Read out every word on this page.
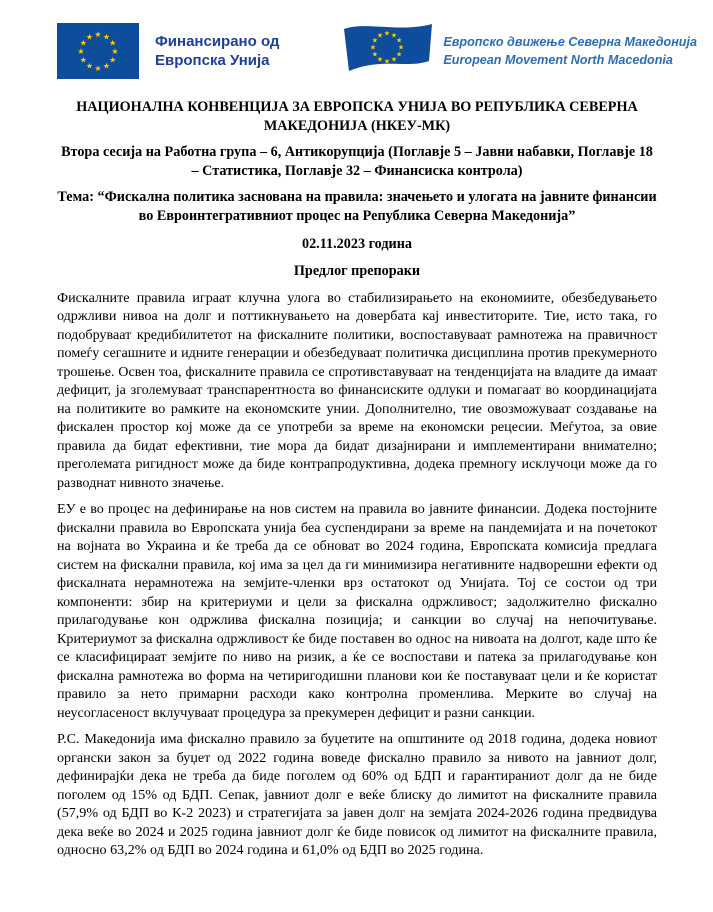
★ ★
★
★
★
★
★
★
★
★
★
★	Финансирано од
Европска Унија
★ ★
★
★
★
★
★
★
★
★
★
★	Европско движење Северна Македонија
European Movement North Macedonia
НАЦИОНАЛНА КОНВЕНЦИЈА ЗА ЕВРОПСКА УНИЈА ВО РЕПУБЛИКА СЕВЕРНА МАКЕДОНИЈА (НКЕУ-МК)
Втора сесија на Работна група – 6, Антикорупција (Поглавје 5 – Јавни набавки, Поглавје 18 – Статистика, Поглавје 32 – Финансиска контрола)
Тема: “Фискална политика заснована на правила: значењето и улогата на јавните финансии во Евроинтегративниот процес на Република Северна Македонија”
02.11.2023 година
Предлог препораки

Фискалните правила играат клучна улога во стабилизирањето на економиите, обезбедувањето одржливи нивоа на долг и поттикнувањето на довербата кај инвеститорите. Тие, исто така, го подобруваат кредибилитетот на фискалните политики, воспоставуваат рамнотежа на правичност помеѓу сегашните и идните генерации и обезбедуваат политичка дисциплина против прекумерното трошење. Освен тоа, фискалните правила се спротивставуваат на тенденцијата на владите да имаат дефицит, ја зголемуваат транспарентноста во финансиските одлуки и помагаат во координацијата на политиките во рамките на економските унии. Дополнително, тие овозможуваат создавање на фискален простор кој може да се употреби за време на економски рецесии. Меѓутоа, за овие правила да бидат ефективни, тие мора да бидат дизајнирани и имплементирани внимателно; преголемата ригидност може да биде контрапродуктивна, додека премногу исклучоци може да го разводнат нивното значење.

ЕУ е во процес на дефинирање на нов систем на правила во јавните финансии. Додека постојните фискални правила во Европската унија беа суспендирани за време на пандемијата и на почетокот на војната во Украина и ќе треба да се обноват во 2024 година, Европската комисија предлага систем на фискални правила, кој има за цел да ги минимизира негативните надворешни ефекти од фискалната нерамнотежа на земјите-членки врз остатокот од Унијата. Тој се состои од три компоненти: збир на критериуми и цели за фискална одржливост; задолжително фискално прилагодување кон одржлива фискална позиција; и санкции во случај на непочитување. Критериумот за фискална одржливост ќе биде поставен во однос на нивоата на долгот, каде што ќе се класифицираат земјите по ниво на ризик, а ќе се воспостави и патека за прилагодување кон фискална рамнотежа во форма на четиригодишни планови кои ќе поставуваат цели и ќе користат правило за нето примарни расходи како контролна променлива. Мерките во случај на неусогласеност вклучуваат процедура за прекумерен дефицит и разни санкции.

Р.С. Македонија има фискално правило за буџетите на општините од 2018 година, додека новиот органски закон за буџет од 2022 година воведе фискално правило за нивото на јавниот долг, дефинирајќи дека не треба да биде поголем од 60% од БДП и гарантираниот долг да не биде поголем од 15% од БДП. Сепак, јавниот долг е веќе блиску до лимитот на фискалните правила (57,9% од БДП во К-2 2023) и стратегијата за јавен долг на земјата 2024-2026 година предвидува дека веќе во 2024 и 2025 година јавниот долг ќе биде повисок од лимитот на фискалните правила, односно 63,2% од БДП во 2024 година и 61,0% од БДП во 2025 година.
